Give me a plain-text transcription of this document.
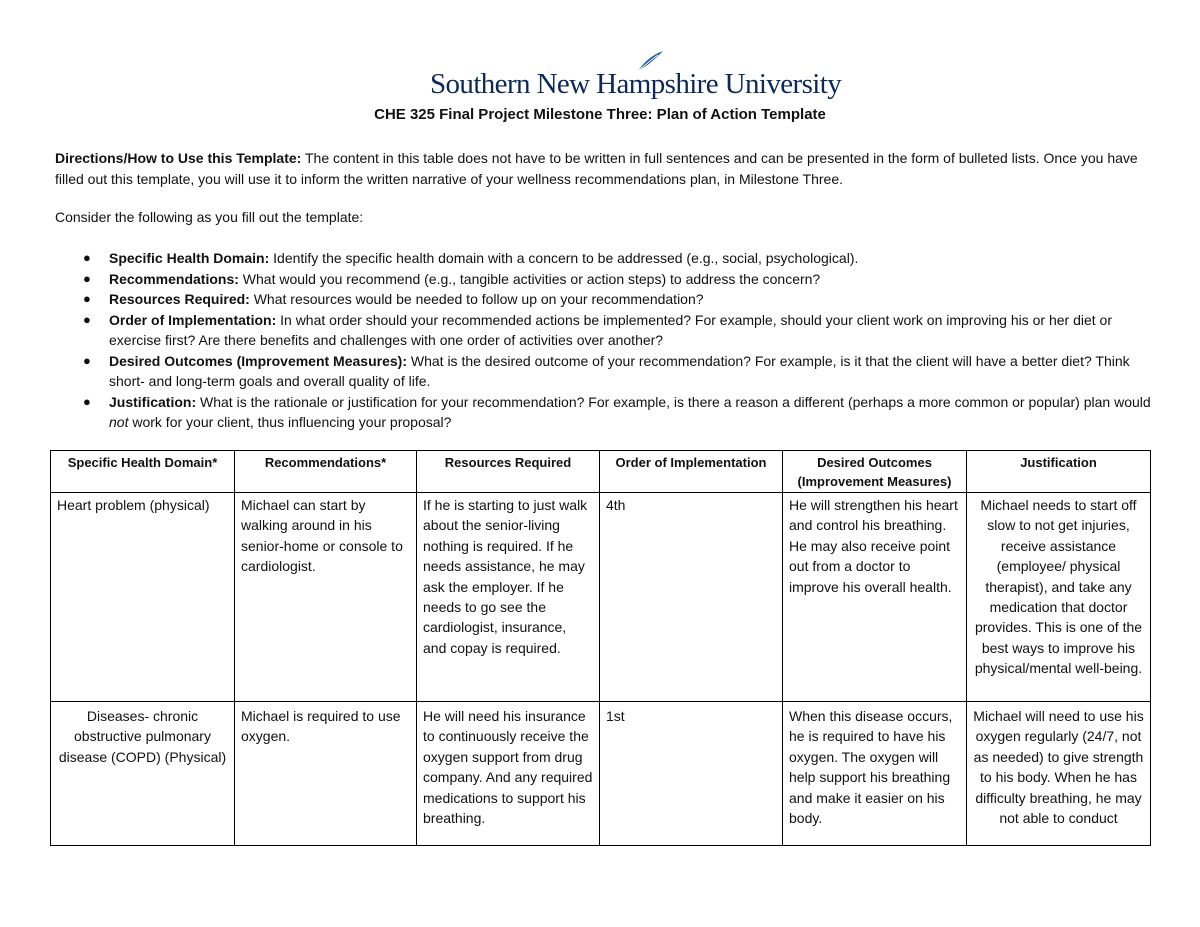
Southern New Hampshire University
CHE 325 Final Project Milestone Three: Plan of Action Template
Directions/How to Use this Template: The content in this table does not have to be written in full sentences and can be presented in the form of bulleted lists. Once you have filled out this template, you will use it to inform the written narrative of your wellness recommendations plan, in Milestone Three.
Consider the following as you fill out the template:
● Specific Health Domain: Identify the specific health domain with a concern to be addressed (e.g., social, psychological).
● Recommendations: What would you recommend (e.g., tangible activities or action steps) to address the concern?
● Resources Required: What resources would be needed to follow up on your recommendation?
● Order of Implementation: In what order should your recommended actions be implemented? For example, should your client work on improving his or her diet or exercise first? Are there benefits and challenges with one order of activities over another?
● Desired Outcomes (Improvement Measures): What is the desired outcome of your recommendation? For example, is it that the client will have a better diet? Think short- and long-term goals and overall quality of life.
● Justification: What is the rationale or justification for your recommendation? For example, is there a reason a different (perhaps a more common or popular) plan would not work for your client, thus influencing your proposal?
Specific Health Domain*	Recommendations*	Resources Required	Order of Implementation	Desired Outcomes (Improvement Measures)	Justification
Heart problem (physical)	Michael can start by walking around in his senior-home or console to cardiologist.	If he is starting to just walk about the senior-living nothing is required. If he needs assistance, he may ask the employer. If he needs to go see the cardiologist, insurance, and copay is required.	4th	He will strengthen his heart and control his breathing. He may also receive point out from a doctor to improve his overall health.	Michael needs to start off slow to not get injuries, receive assistance (employee/ physical therapist), and take any medication that doctor provides. This is one of the best ways to improve his physical/mental well-being.
Diseases- chronic obstructive pulmonary disease (COPD) (Physical)	Michael is required to use oxygen.	He will need his insurance to continuously receive the oxygen support from drug company. And any required medications to support his breathing.	1st	When this disease occurs, he is required to have his oxygen. The oxygen will help support his breathing and make it easier on his body.	Michael will need to use his oxygen regularly (24/7, not as needed) to give strength to his body. When he has difficulty breathing, he may not able to conduct
